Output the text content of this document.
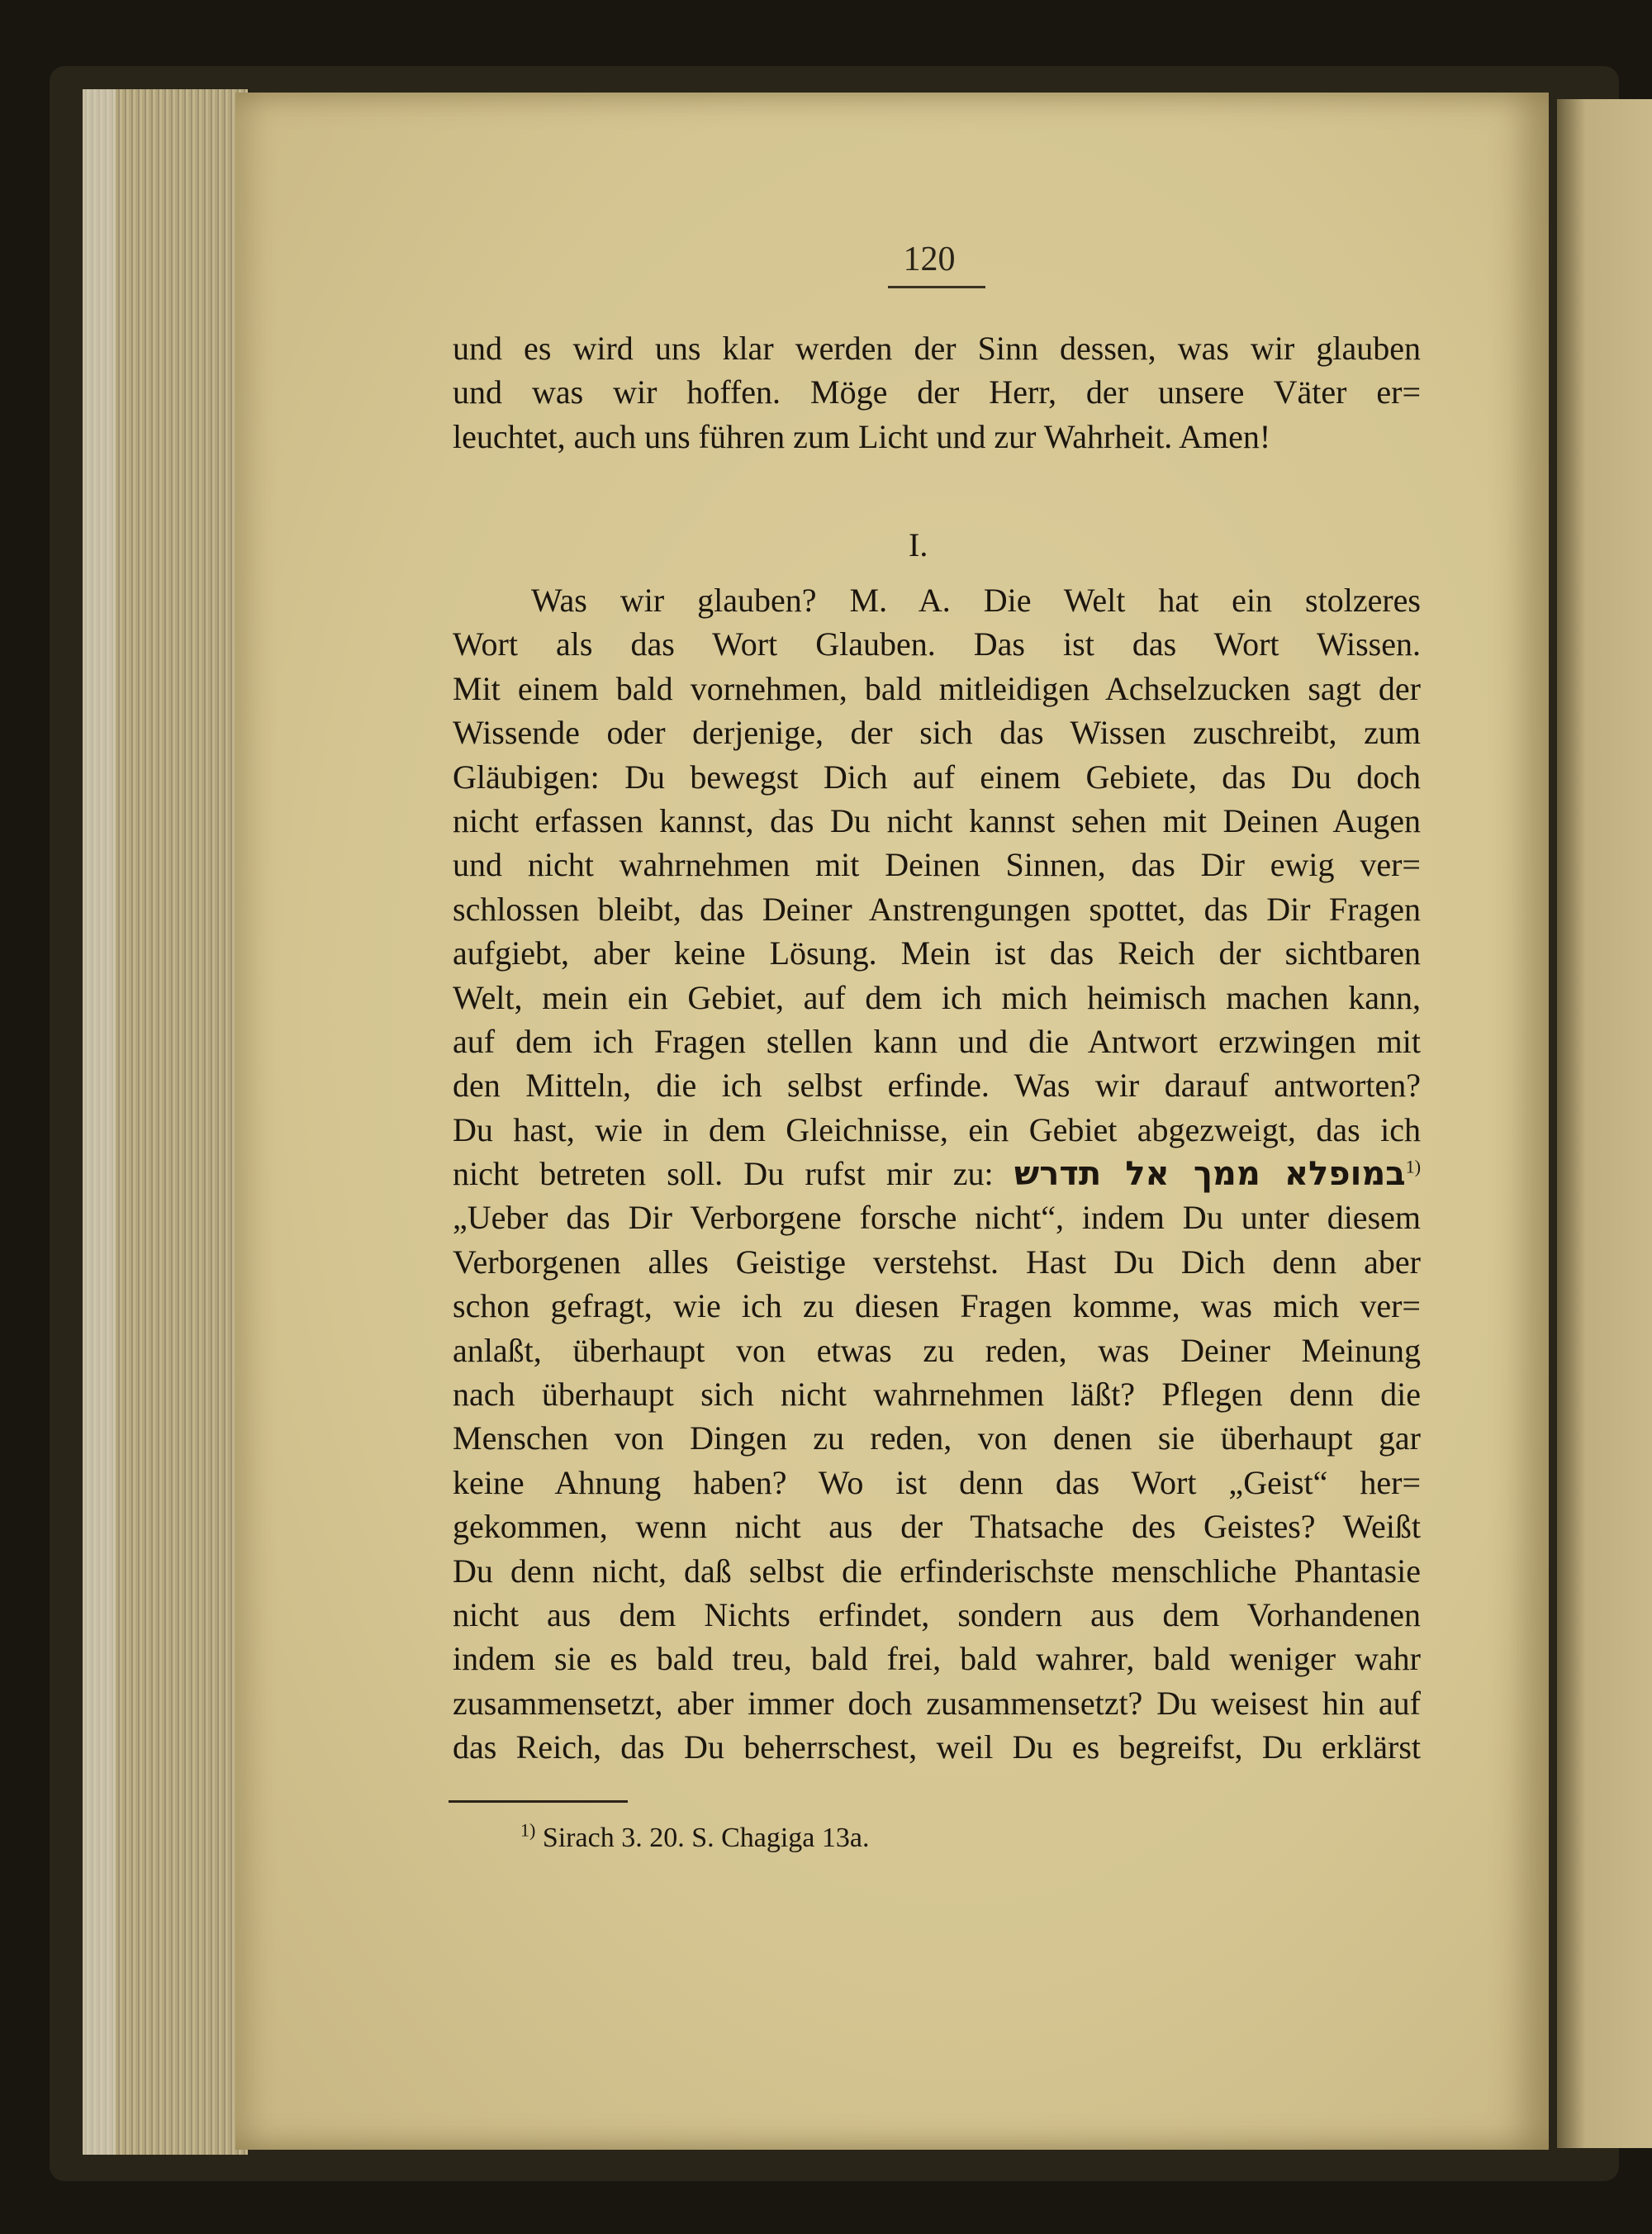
120
und es wird uns klar werden der Sinn dessen, was wir glauben
und was wir hoffen. Möge der Herr, der unsere Väter er=
leuchtet, auch uns führen zum Licht und zur Wahrheit. Amen!
I.
Was wir glauben? M. A. Die Welt hat ein stolzeres
Wort als das Wort Glauben. Das ist das Wort Wissen.
Mit einem bald vornehmen, bald mitleidigen Achselzucken sagt der
Wissende oder derjenige, der sich das Wissen zuschreibt, zum
Gläubigen: Du bewegst Dich auf einem Gebiete, das Du doch
nicht erfassen kannst, das Du nicht kannst sehen mit Deinen Augen
und nicht wahrnehmen mit Deinen Sinnen, das Dir ewig ver=
schlossen bleibt, das Deiner Anstrengungen spottet, das Dir Fragen
aufgiebt, aber keine Lösung. Mein ist das Reich der sichtbaren
Welt, mein ein Gebiet, auf dem ich mich heimisch machen kann,
auf dem ich Fragen stellen kann und die Antwort erzwingen mit
den Mitteln, die ich selbst erfinde. Was wir darauf antworten?
Du hast, wie in dem Gleichnisse, ein Gebiet abgezweigt, das ich
nicht betreten soll. Du rufst mir zu: במופלא ממך אל תדרש$^{1)}$
„Ueber das Dir Verborgene forsche nicht“, indem Du unter diesem
Verborgenen alles Geistige verstehst. Hast Du Dich denn aber
schon gefragt, wie ich zu diesen Fragen komme, was mich ver=
anlaßt, überhaupt von etwas zu reden, was Deiner Meinung
nach überhaupt sich nicht wahrnehmen läßt? Pflegen denn die
Menschen von Dingen zu reden, von denen sie überhaupt gar
keine Ahnung haben? Wo ist denn das Wort „Geist“ her=
gekommen, wenn nicht aus der Thatsache des Geistes? Weißt
Du denn nicht, daß selbst die erfinderischste menschliche Phantasie
nicht aus dem Nichts erfindet, sondern aus dem Vorhandenen
indem sie es bald treu, bald frei, bald wahrer, bald weniger wahr
zusammensetzt, aber immer doch zusammensetzt? Du weisest hin auf
das Reich, das Du beherrschest, weil Du es begreifst, Du erklärst
$^{1)}$ Sirach 3. 20. S. Chagiga 13a.
